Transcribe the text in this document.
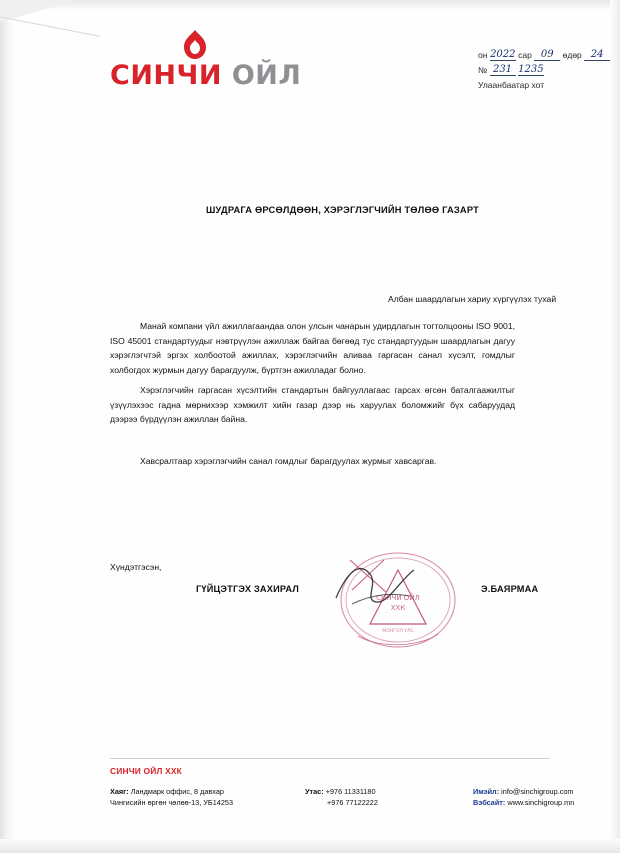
СИНЧИ ОЙЛ
он 2022 сар 09 өдөр 24
№ 231 1235
Улаанбаатар хот
ШУДРАГА ӨРСӨЛДӨӨН, ХЭРЭГЛЭГЧИЙН ТӨЛӨӨ ГАЗАРТ
Албан шаардлагын хариу хүргүүлэх тухай
Манай компани үйл ажиллагаандаа олон улсын чанарын удирдлагын тогтолцооны ISO 9001, ISO 45001 стандартуудыг нэвтрүүлэн ажиллаж байгаа бөгөөд тус стандартуудын шаардлагын дагуу хэрэглэгчтэй эргэх холбоотой ажиллах, хэрэглэгчийн аливаа гаргасан санал хүсэлт, гомдлыг холбогдох журмын дагуу барагдуулж, бүртгэн ажилладаг болно.
Хэрэглэгчийн гаргасан хүсэлтийн стандартын байгууллагаас гарсах өгсөн баталгаажилтыг үзүүлэхээс гадна мөрнихээр хэмжилт хийн газар дээр нь харуулах боломжийг бүх сабаруудад дээрээ бүрдүүлэн ажиллан байна.
Хавсралтаар хэрэглэгчийн санал гомдлыг барагдуулах журмыг хавсаргав.
Хүндэтгэсэн,
ГҮЙЦЭТГЭХ ЗАХИРАЛ	Э.БАЯРМАА
СИНЧИ ОЙЛ
ХХК
МОНГОЛ УЛС
СИНЧИ ОЙЛ ХХК
Хаяг: Ландмарк оффис, 8 давхар
Чингисийн өргөн чөлөө-13, УБ14253
Утас: +976 11331180
+976 77122222
Имэйл: info@sinchigroup.com
Вэбсайт: www.sinchigroup.mn
